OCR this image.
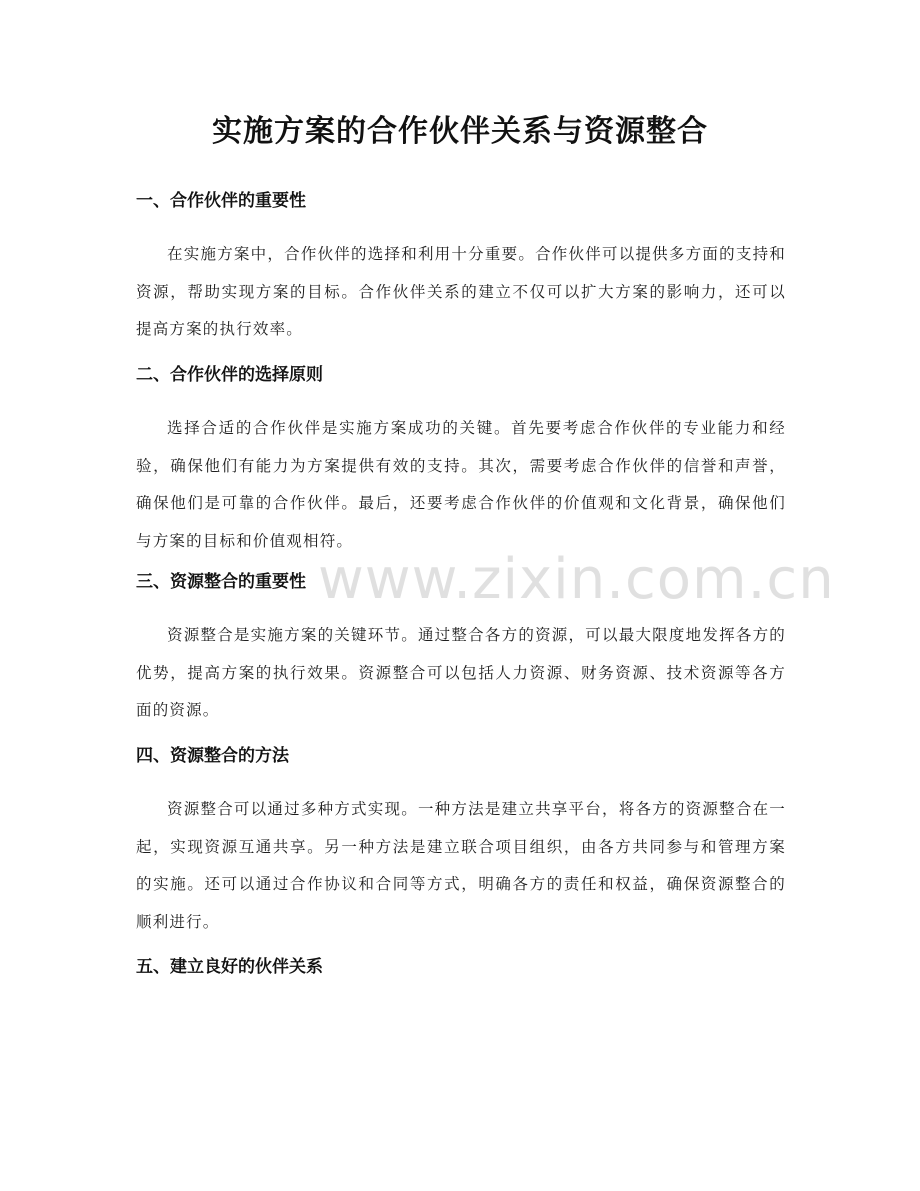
实施方案的合作伙伴关系与资源整合
一、合作伙伴的重要性
在实施方案中，合作伙伴的选择和利用十分重要。合作伙伴可以提供多方面的支持和资源，帮助实现方案的目标。合作伙伴关系的建立不仅可以扩大方案的影响力，还可以提高方案的执行效率。
二、合作伙伴的选择原则
选择合适的合作伙伴是实施方案成功的关键。首先要考虑合作伙伴的专业能力和经验，确保他们有能力为方案提供有效的支持。其次，需要考虑合作伙伴的信誉和声誉，确保他们是可靠的合作伙伴。最后，还要考虑合作伙伴的价值观和文化背景，确保他们与方案的目标和价值观相符。
三、资源整合的重要性
资源整合是实施方案的关键环节。通过整合各方的资源，可以最大限度地发挥各方的优势，提高方案的执行效果。资源整合可以包括人力资源、财务资源、技术资源等各方面的资源。
四、资源整合的方法
资源整合可以通过多种方式实现。一种方法是建立共享平台，将各方的资源整合在一起，实现资源互通共享。另一种方法是建立联合项目组织，由各方共同参与和管理方案的实施。还可以通过合作协议和合同等方式，明确各方的责任和权益，确保资源整合的顺利进行。
五、建立良好的伙伴关系
www.zixin.com.cn
